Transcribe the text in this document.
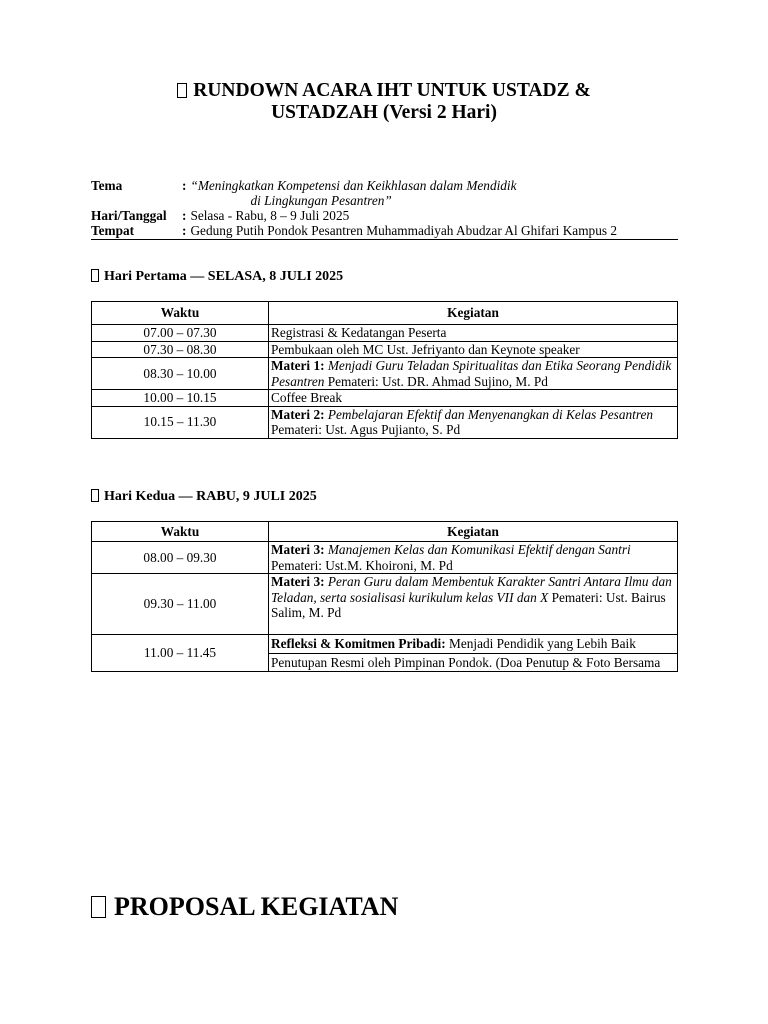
RUNDOWN ACARA IHT UNTUK USTADZ &
USTADZAH (Versi 2 Hari)
Tema	: “Meningkatkan Kompetensi dan Keikhlasan dalam Mendidik
di Lingkungan Pesantren”
Hari/Tanggal	: Selasa - Rabu, 8 – 9 Juli 2025
Tempat	: Gedung Putih Pondok Pesantren Muhammadiyah Abudzar Al Ghifari Kampus 2
Hari Pertama — SELASA, 8 JULI 2025
Waktu	Kegiatan
07.00 – 07.30	Registrasi & Kedatangan Peserta
07.30 – 08.30	Pembukaan oleh MC Ust. Jefriyanto dan Keynote speaker
08.30 – 10.00	Materi 1: Menjadi Guru Teladan Spiritualitas dan Etika Seorang Pendidik Pesantren Pemateri: Ust. DR. Ahmad Sujino, M. Pd
10.00 – 10.15	Coffee Break
10.15 – 11.30	Materi 2: Pembelajaran Efektif dan Menyenangkan di Kelas Pesantren Pemateri: Ust. Agus Pujianto, S. Pd
Hari Kedua — RABU, 9 JULI 2025
Waktu	Kegiatan
08.00 – 09.30	Materi 3: Manajemen Kelas dan Komunikasi Efektif dengan Santri Pemateri: Ust.M. Khoironi, M. Pd
09.30 – 11.00	Materi 3: Peran Guru dalam Membentuk Karakter Santri Antara Ilmu dan Teladan, serta sosialisasi kurikulum kelas VII dan X Pemateri: Ust. Bairus Salim, M. Pd
11.00 – 11.45	Refleksi & Komitmen Pribadi: Menjadi Pendidik yang Lebih Baik
Penutupan Resmi oleh Pimpinan Pondok. (Doa Penutup & Foto Bersama
PROPOSAL KEGIATAN
